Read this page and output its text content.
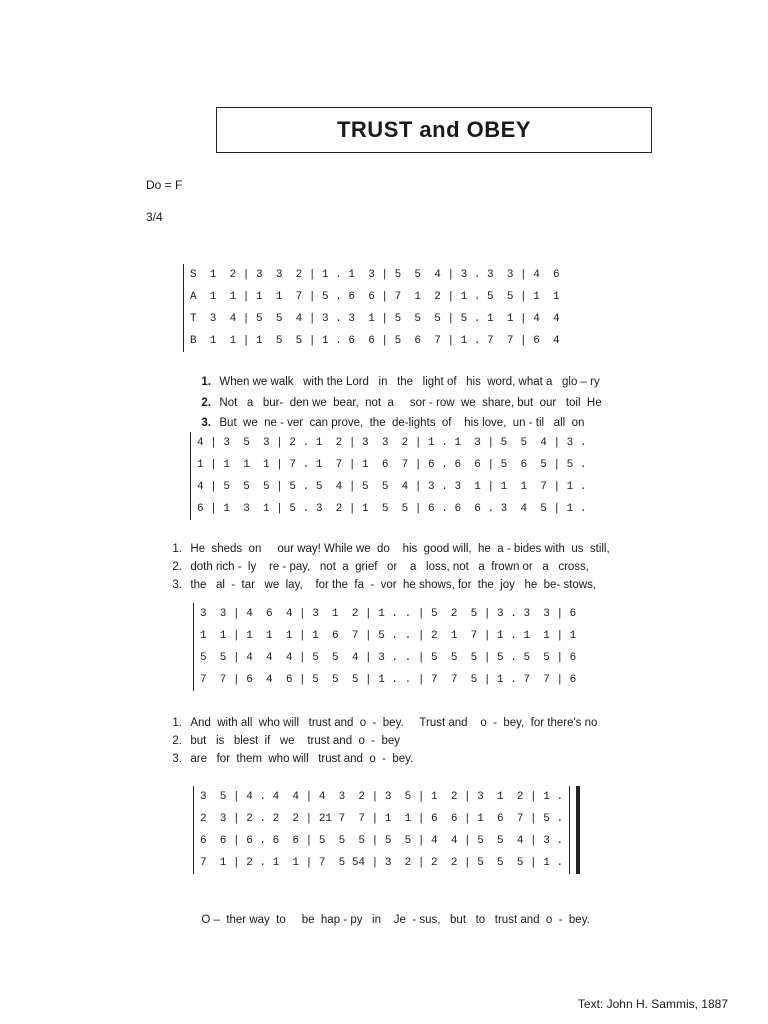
TRUST and OBEY
Do = F
3/4
S  1  2 | 3  3  2 | 1 . 1  3 | 5  5  4 | 3 . 3  3 | 4  6
A  1  1 | 1  1  7 | 5 . 6  6 | 7  1  2 | 1 . 5  5 | 1  1
T  3  4 | 5  5  4 | 3 . 3  1 | 5  5  5 | 5 . 1  1 | 4  4
B  1  1 | 1  5  5 | 1 . 6  6 | 5  6  7 | 1 . 7  7 | 6  4

1. When we walk   with the Lord   in   the   light of   his  word, what a   glo – ry

2. Not   a   bur-  den we  bear,  not  a     sor - row  we  share, but  our   toil  He

3. But  we  ne - ver  can prove,  the  de-lights  of    his love,  un - til   all  on

4 | 3  5  3 | 2 . 1  2 | 3  3  2 | 1 . 1  3 | 5  5  4 | 3 .
1 | 1  1  1 | 7 . 1  7 | 1  6  7 | 6 . 6  6 | 5  6  5 | 5 .
4 | 5  5  5 | 5 . 5  4 | 5  5  4 | 3 . 3  1 | 1  1  7 | 1 .
6 | 1  3  1 | 5 . 3  2 | 1  5  5 | 6 . 6  6 . 3  4  5 | 1 .

1. He  sheds  on     our way! While we  do    his  good will,  he  a - bides with  us  still,

2. doth rich -  ly    re - pay,   not  a  grief   or    a   loss, not   a  frown or   a   cross,

3. the   al  -  tar   we  lay,    for the  fa  -  vor  he shows, for  the  joy   he  be- stows,

3  3 | 4  6  4 | 3  1  2 | 1 . . | 5  2  5 | 3 . 3  3 | 6
1  1 | 1  1  1 | 1  6  7 | 5 . . | 2  1  7 | 1 . 1  1 | 1
5  5 | 4  4  4 | 5  5  4 | 3 . . | 5  5  5 | 5 . 5  5 | 6
7  7 | 6  4  6 | 5  5  5 | 1 . . | 7  7  5 | 1 . 7  7 | 6

1. And  with all  who will   trust and  o  -  bey.     Trust and    o  -  bey,  for there's no

2. but   is   blest  if   we    trust and  o  -  bey

3. are   for  them  who will   trust and  o  -  bey.

3  5 | 4 . 4  4 | 4  3  2 | 3  5 | 1  2 | 3  1  2 | 1 .
2  3 | 2 . 2  2 | 21 7  7 | 1  1 | 6  6 | 1  6  7 | 5 .
6  6 | 6 . 6  6 | 5  5  5 | 5  5 | 4  4 | 5  5  4 | 3 .
7  1 | 2 . 1  1 | 7  5 54 | 3  2 | 2  2 | 5  5  5 | 1 .

O –  ther way  to     be  hap - py   in    Je  - sus,   but   to   trust and  o  -  bey.

Text: John H. Sammis, 1887
